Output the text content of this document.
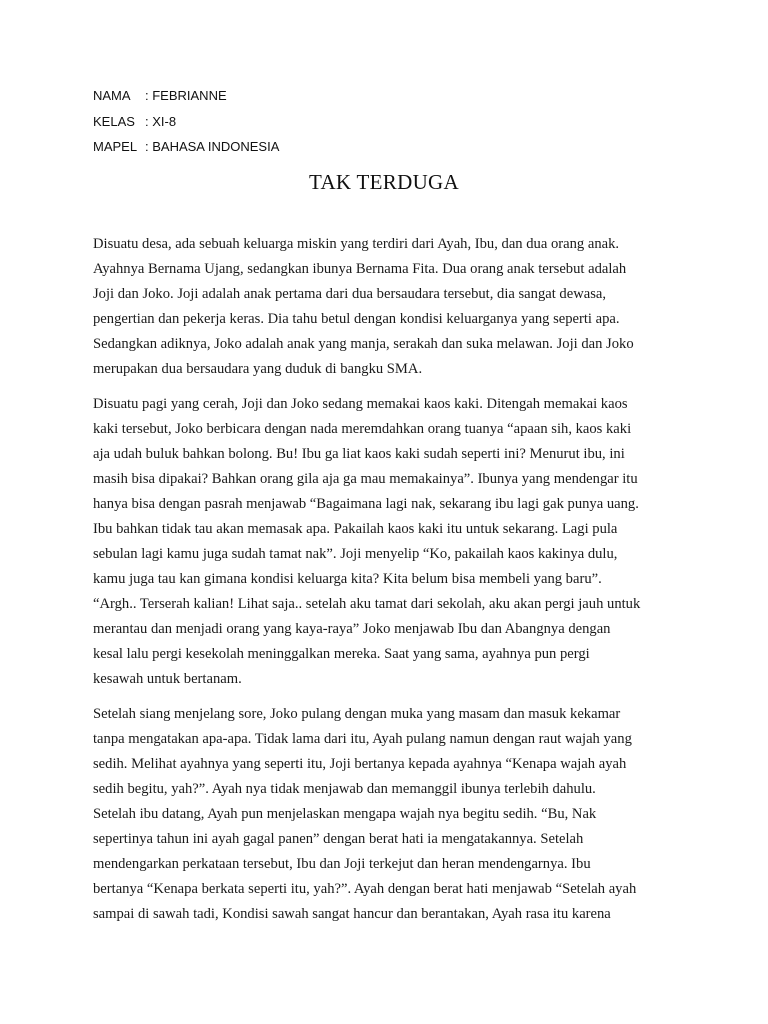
NAMA : FEBRIANNE
KELAS : XI-8
MAPEL : BAHASA INDONESIA
TAK TERDUGA
Disuatu desa, ada sebuah keluarga miskin yang terdiri dari Ayah, Ibu, dan dua orang anak.
Ayahnya Bernama Ujang, sedangkan ibunya Bernama Fita. Dua orang anak tersebut adalah
Joji dan Joko. Joji adalah anak pertama dari dua bersaudara tersebut, dia sangat dewasa,
pengertian dan pekerja keras. Dia tahu betul dengan kondisi keluarganya yang seperti apa.
Sedangkan adiknya, Joko adalah anak yang manja, serakah dan suka melawan. Joji dan Joko
merupakan dua bersaudara yang duduk di bangku SMA.
Disuatu pagi yang cerah, Joji dan Joko sedang memakai kaos kaki. Ditengah memakai kaos
kaki tersebut, Joko berbicara dengan nada meremdahkan orang tuanya “apaan sih, kaos kaki
aja udah buluk bahkan bolong. Bu! Ibu ga liat kaos kaki sudah seperti ini? Menurut ibu, ini
masih bisa dipakai? Bahkan orang gila aja ga mau memakainya”. Ibunya yang mendengar itu
hanya bisa dengan pasrah menjawab “Bagaimana lagi nak, sekarang ibu lagi gak punya uang.
Ibu bahkan tidak tau akan memasak apa. Pakailah kaos kaki itu untuk sekarang. Lagi pula
sebulan lagi kamu juga sudah tamat nak”. Joji menyelip “Ko, pakailah kaos kakinya dulu,
kamu juga tau kan gimana kondisi keluarga kita? Kita belum bisa membeli yang baru”.
“Argh.. Terserah kalian! Lihat saja.. setelah aku tamat dari sekolah, aku akan pergi jauh untuk
merantau dan menjadi orang yang kaya-raya” Joko menjawab Ibu dan Abangnya dengan
kesal lalu pergi kesekolah meninggalkan mereka. Saat yang sama, ayahnya pun pergi
kesawah untuk bertanam.
Setelah siang menjelang sore, Joko pulang dengan muka yang masam dan masuk kekamar
tanpa mengatakan apa-apa. Tidak lama dari itu, Ayah pulang namun dengan raut wajah yang
sedih. Melihat ayahnya yang seperti itu, Joji bertanya kepada ayahnya “Kenapa wajah ayah
sedih begitu, yah?”. Ayah nya tidak menjawab dan memanggil ibunya terlebih dahulu.
Setelah ibu datang, Ayah pun menjelaskan mengapa wajah nya begitu sedih. “Bu, Nak
sepertinya tahun ini ayah gagal panen” dengan berat hati ia mengatakannya. Setelah
mendengarkan perkataan tersebut, Ibu dan Joji terkejut dan heran mendengarnya. Ibu
bertanya “Kenapa berkata seperti itu, yah?”. Ayah dengan berat hati menjawab “Setelah ayah
sampai di sawah tadi, Kondisi sawah sangat hancur dan berantakan, Ayah rasa itu karena
